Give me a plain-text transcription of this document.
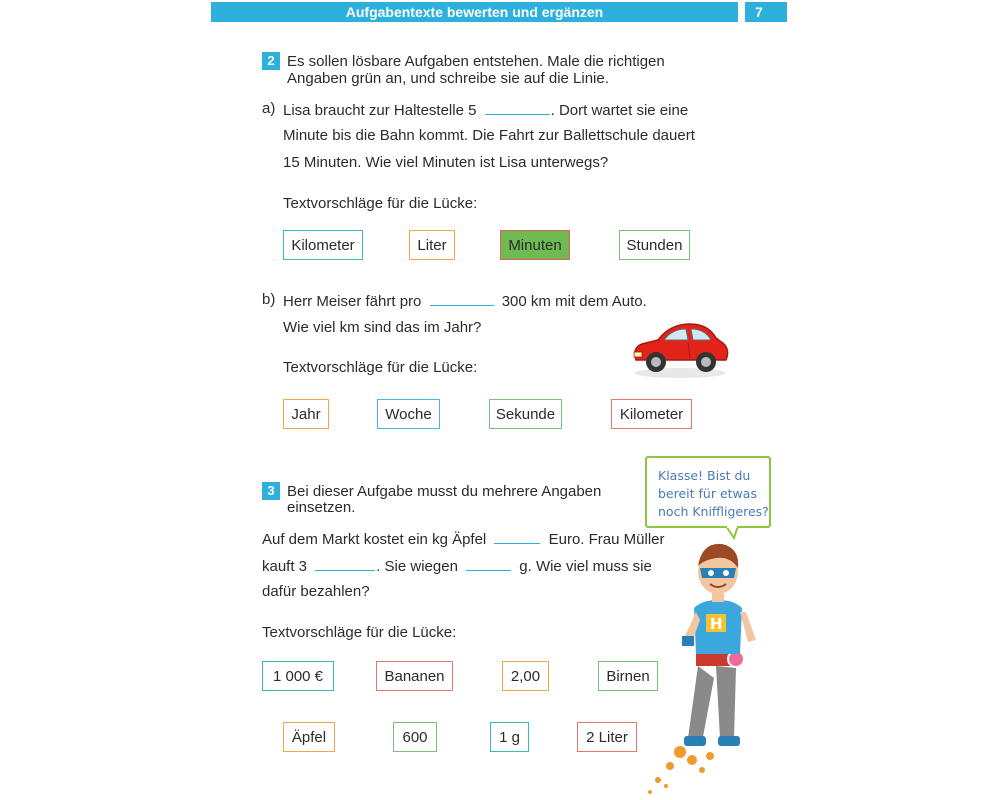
Aufgabentexte bewerten und ergänzen	7
2 Es sollen lösbare Aufgaben entstehen. Male die richtigen
Angaben grün an, und schreibe sie auf die Linie.
a) Lisa braucht zur Haltestelle 5	. Dort wartet sie eine
Minute bis die Bahn kommt. Die Fahrt zur Ballettschule dauert
15 Minuten. Wie viel Minuten ist Lisa unterwegs?
Textvorschläge für die Lücke:
Kilometer	Liter	Minuten	Stunden
b) Herr Meiser fährt pro	300 km mit dem Auto.
Wie viel km sind das im Jahr?
Textvorschläge für die Lücke:
Jahr	Woche	Sekunde	Kilometer
3 Bei dieser Aufgabe musst du mehrere Angaben
einsetzen.
Auf dem Markt kostet ein kg Äpfel	Euro. Frau Müller
kauft 3	. Sie wiegen	g. Wie viel muss sie
dafür bezahlen?
Textvorschläge für die Lücke:
1 000 €	Bananen	2,00	Birnen
Äpfel	600	1 g	2 Liter
Klasse! Bist du
bereit für etwas
noch Kniffligeres?
H
